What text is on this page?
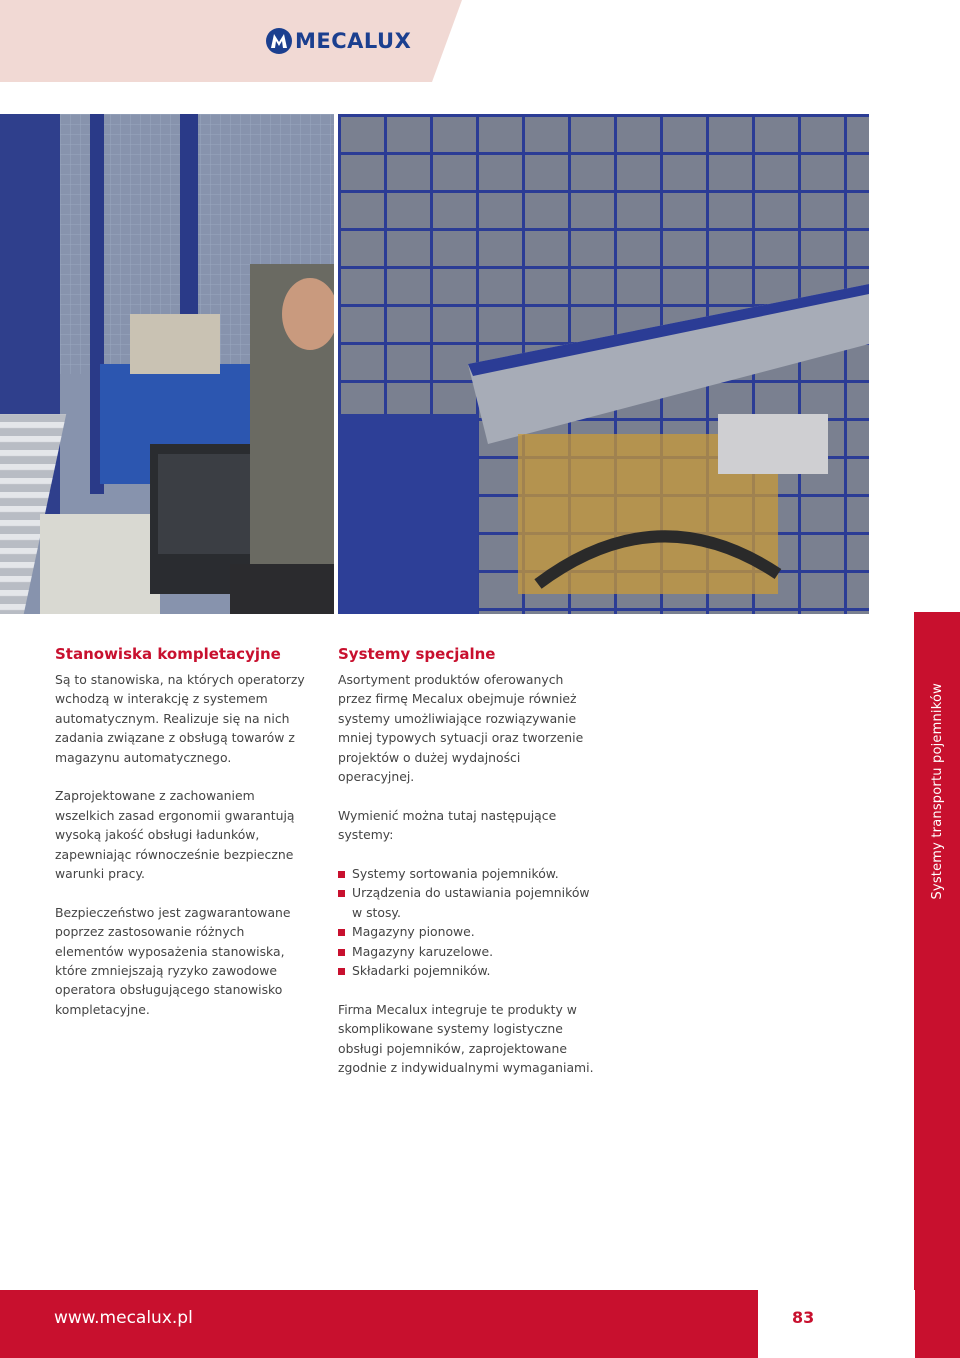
MECALUX
Stanowiska kompletacyjne

Są to stanowiska, na których operatorzy wchodzą w interakcję z systemem automatycznym. Realizuje się na nich zadania związane z obsługą towarów z magazynu automatycznego.

Zaprojektowane z zachowaniem wszelkich zasad ergonomii gwarantują wysoką jakość obsługi ładunków, zapewniając równocześnie bezpieczne warunki pracy.

Bezpieczeństwo jest zagwarantowane poprzez zastosowanie różnych elementów wyposażenia stanowiska, które zmniejszają ryzyko zawodowe operatora obsługującego stanowisko kompletacyjne.

Systemy specjalne

Asortyment produktów oferowanych przez firmę Mecalux obejmuje również systemy umożliwiające rozwiązywanie mniej typowych sytuacji oraz tworzenie projektów o dużej wydajności operacyjnej.

Wymienić można tutaj następujące systemy:

Systemy sortowania pojemników.
Urządzenia do ustawiania pojemników w stosy.
Magazyny pionowe.
Magazyny karuzelowe.
Składarki pojemników.

Firma Mecalux integruje te produkty w skomplikowane systemy logistyczne obsługi pojemników, zaprojektowane zgodnie z indywidualnymi wymaganiami.

Systemy transportu pojemników
www.mecalux.pl	83
